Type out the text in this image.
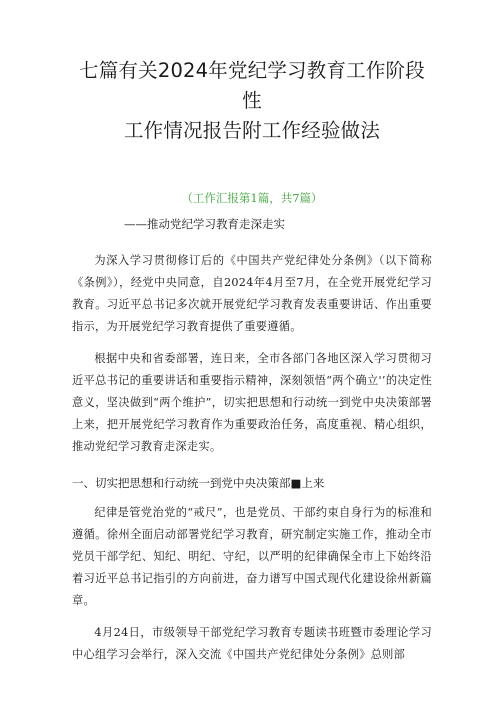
七篇有关2024年党纪学习教育工作阶段性
工作情况报告附工作经验做法
（工作汇报第1篇，共7篇）
——推动党纪学习教育走深走实

为深入学习贯彻修订后的《中国共产党纪律处分条例》（以下简称《条例》），经党中央同意，自2024年4月至7月，在全党开展党纪学习教育。习近平总书记多次就开展党纪学习教育发表重要讲话、作出重要指示，为开展党纪学习教育提供了重要遵循。

根据中央和省委部署，连日来，全市各部门各地区深入学习贯彻习近平总书记的重要讲话和重要指示精神，深刻领悟“两个确立'’的决定性意义，坚决做到“两个维护”，切实把思想和行动统一到党中央决策部署上来，把开展党纪学习教育作为重要政治任务，高度重视、精心组织，推动党纪学习教育走深走实。

一、切实把思想和行动统一到党中央决策部■上来

纪律是管党治党的“戒尺”，也是党员、干部约束自身行为的标准和遵循。徐州全面启动部署党纪学习教育，研究制定实施工作，推动全市党员干部学纪、知纪、明纪、守纪，以严明的纪律确保全市上下始终沿着习近平总书记指引的方向前进，奋力谱写中国式现代化建设徐州新篇章。

4月24日，市级领导干部党纪学习教育专题读书班暨市委理论学习中心组学习会举行，深入交流《中国共产党纪律处分条例》总则部
